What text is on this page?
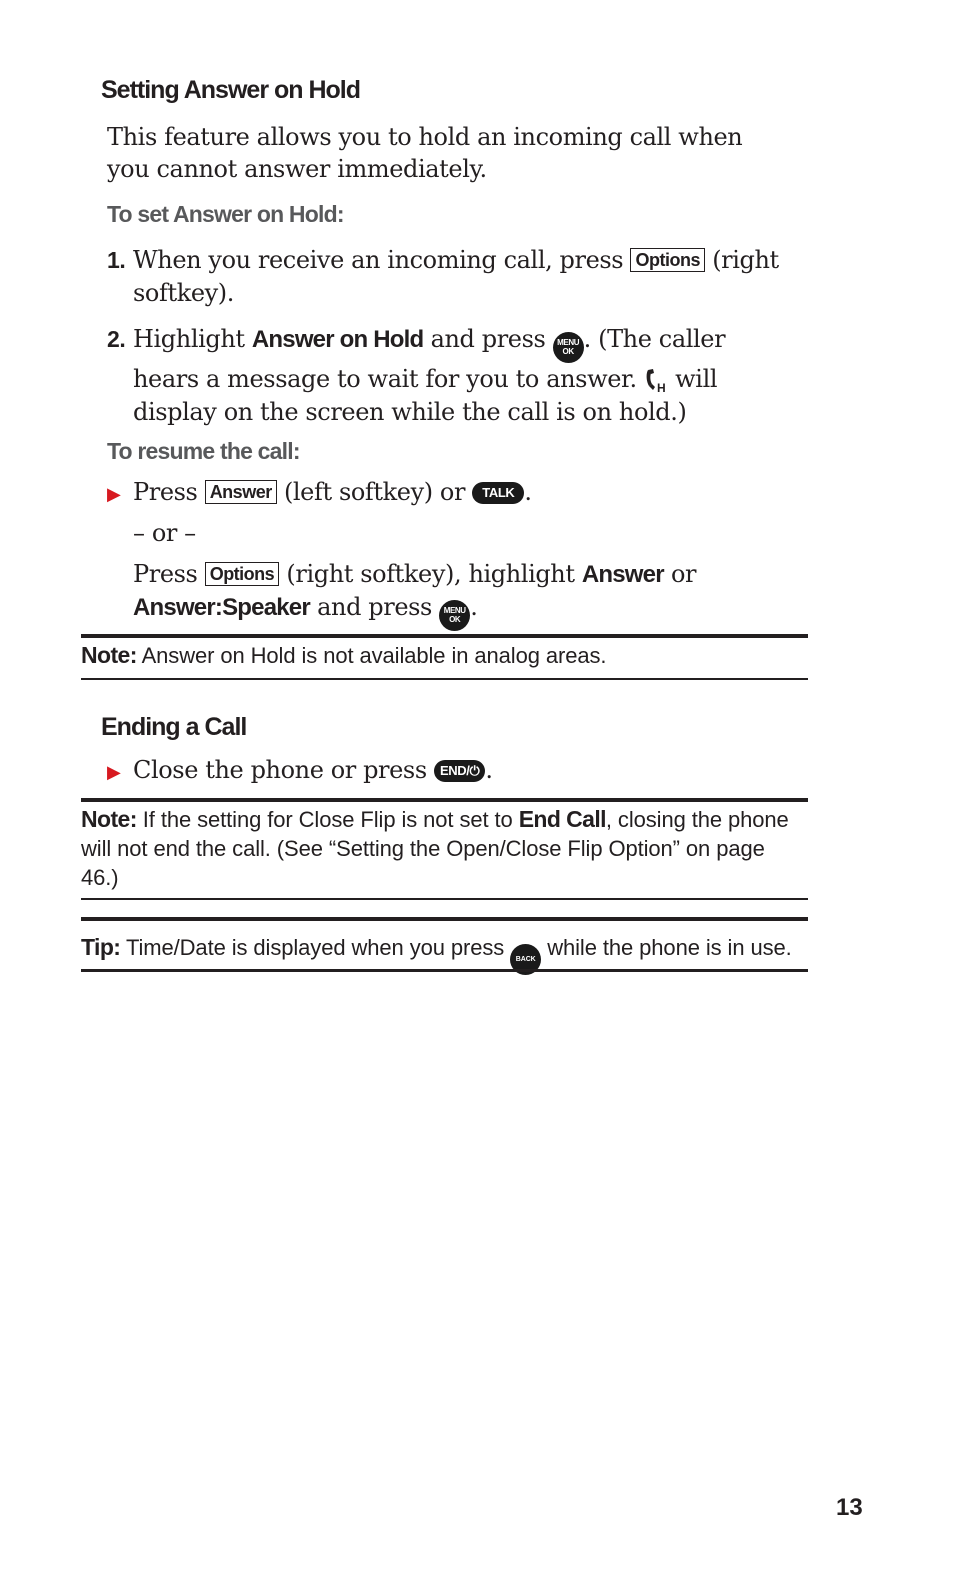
Setting Answer on Hold
This feature allows you to hold an incoming call when you cannot answer immediately.
To set Answer on Hold:
1. When you receive an incoming call, press Options (right softkey).
2. Highlight Answer on Hold and press MENU
OK . (The caller hears a message to wait for you to answer. H will display on the screen while the call is on hold.)
To resume the call:
▶ Press Answer (left softkey) or TALK .
– or –
Press Options (right softkey), highlight Answer or Answer:Speaker and press MENU
OK .
Note: Answer on Hold is not available in analog areas.
Ending a Call
▶ Close the phone or press END/⏻ .
Note: If the setting for Close Flip is not set to End Call, closing the phone will not end the call. (See “Setting the Open/Close Flip Option” on page 46.)
Tip: Time/Date is displayed when you press BACK while the phone is in use.
13
